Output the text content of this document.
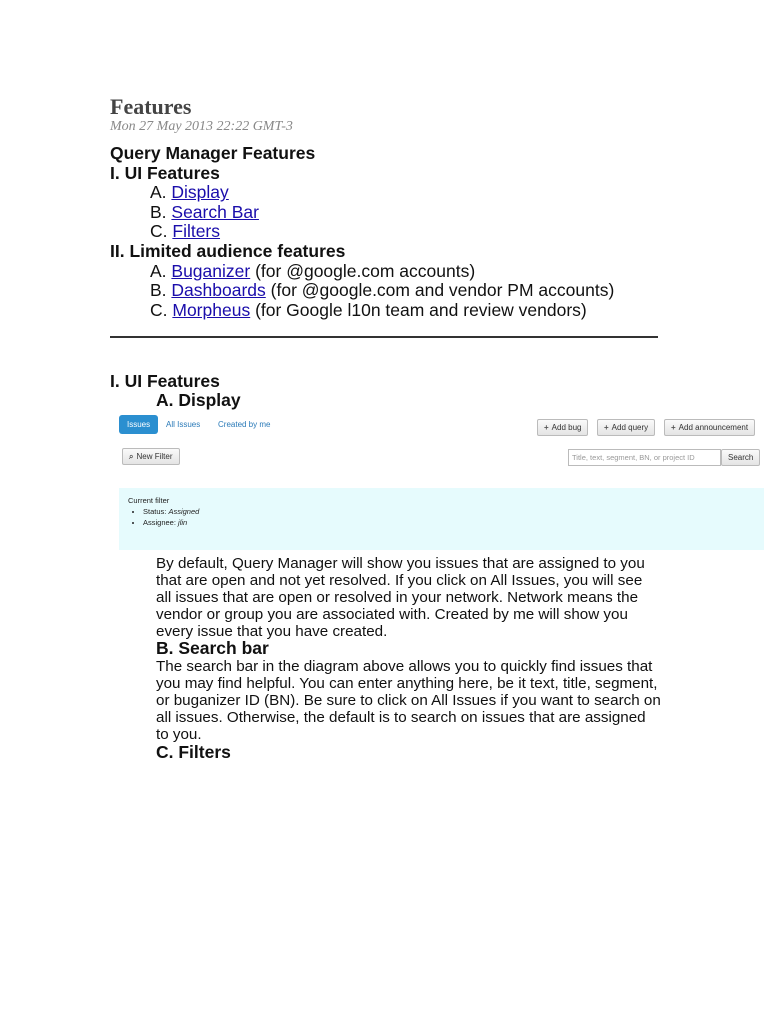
Features
Mon 27 May 2013 22:22 GMT-3
Query Manager Features
I. UI Features
A. Display
B. Search Bar
C. Filters
II. Limited audience features
A. Buganizer (for @google.com accounts)
B. Dashboards (for @google.com and vendor PM accounts)
C. Morpheus (for Google l10n team and review vendors)
I. UI Features
A. Display
Issues	All Issues	Created by me	+ Add bug	+ Add query	+ Add announcement
⌕ New Filter	Title, text, segment, BN, or project ID	Search
Current filter
• Status: Assigned
• Assignee: jlin
By default, Query Manager will show you issues that are assigned to you that are open and not yet resolved. If you click on All Issues, you will see all issues that are open or resolved in your network. Network means the vendor or group you are associated with. Created by me will show you every issue that you have created.
B. Search bar
The search bar in the diagram above allows you to quickly find issues that you may find helpful. You can enter anything here, be it text, title, segment, or buganizer ID (BN). Be sure to click on All Issues if you want to search on all issues. Otherwise, the default is to search on issues that are assigned to you.
C. Filters
